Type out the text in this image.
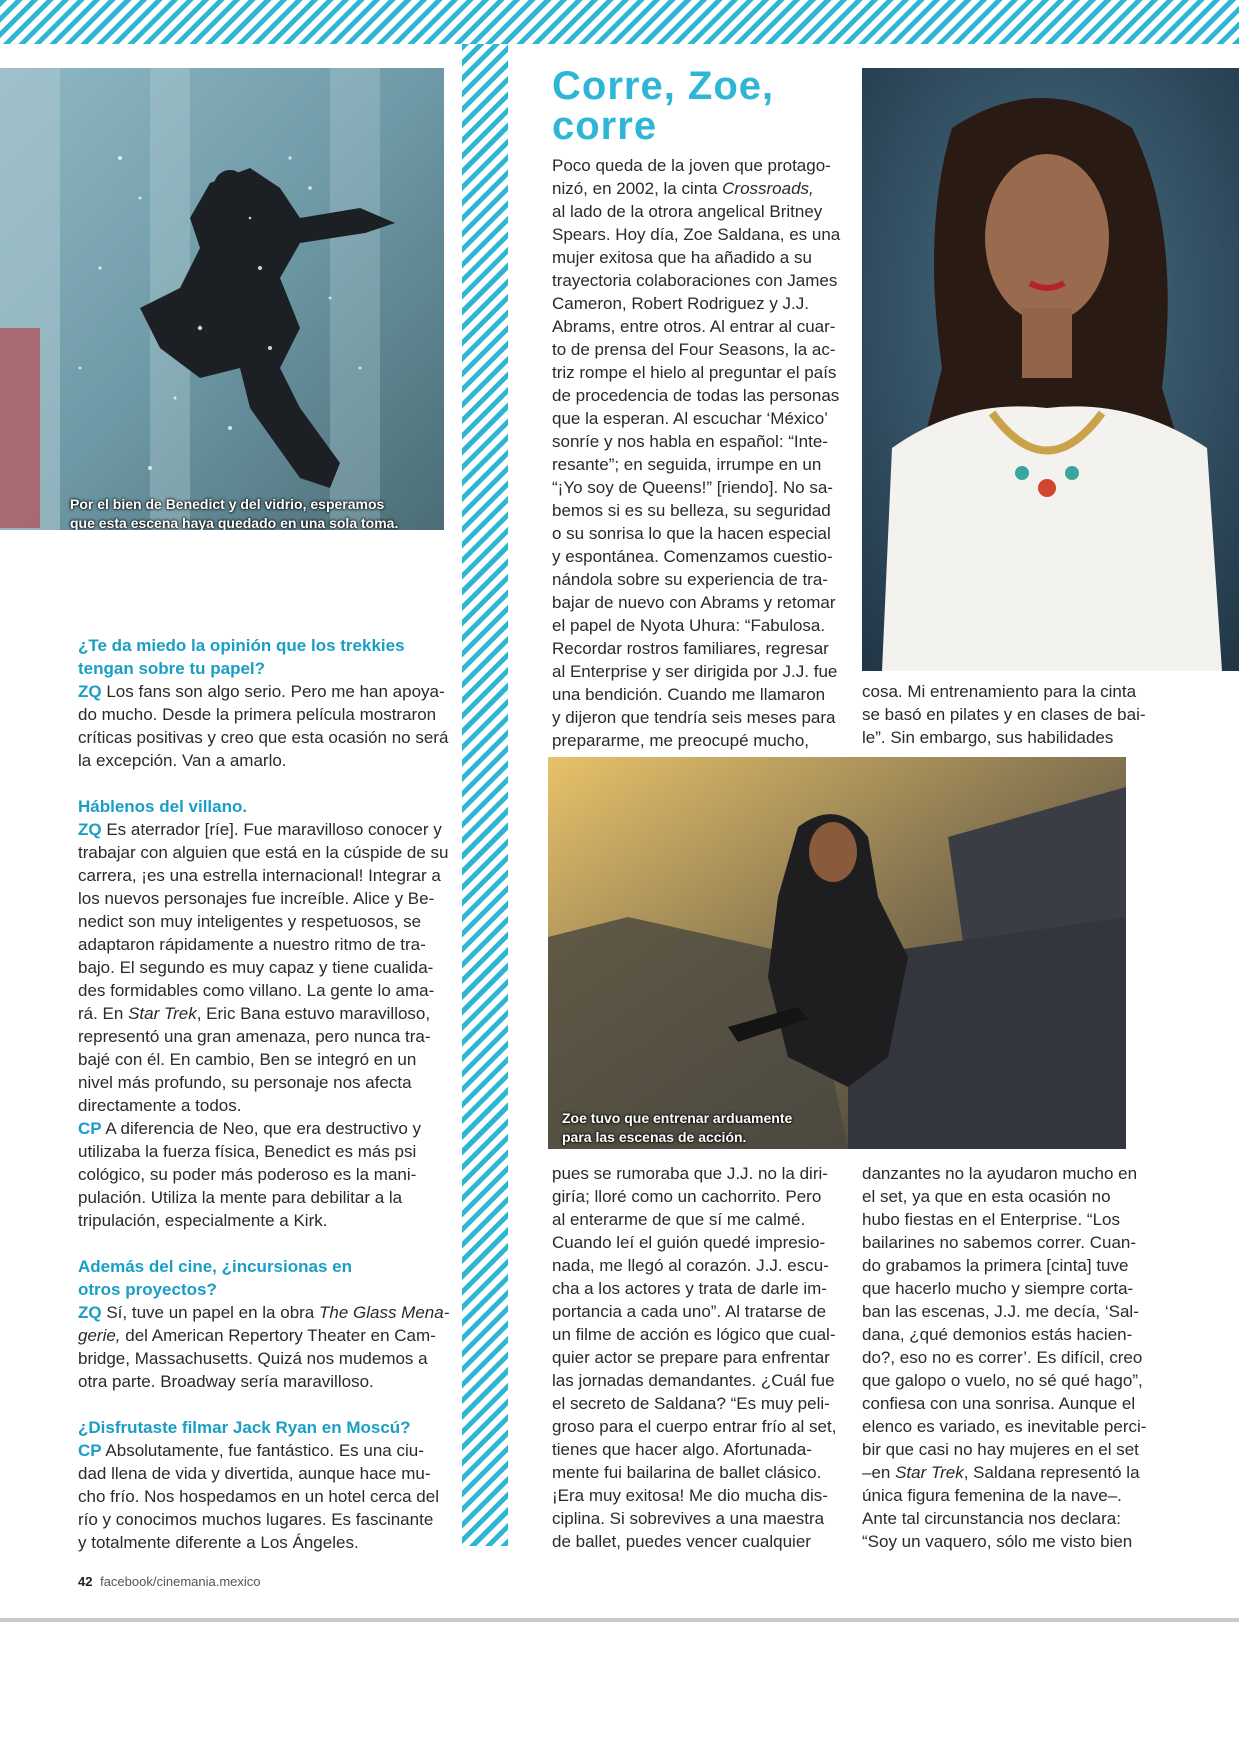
Por el bien de Benedict y del vidrio, esperamos
que esta escena haya quedado en una sola toma.
Zoe tuvo que entrenar arduamente
para las escenas de acción.
Corre, Zoe,
corre

¿Te da miedo la opinión que los trekkies

tengan sobre tu papel?

ZQ Los fans son algo serio. Pero me han apoya-

do mucho. Desde la primera película mostraron

críticas positivas y creo que esta ocasión no será

la excepción. Van a amarlo.

Háblenos del villano.

ZQ Es aterrador [ríe]. Fue maravilloso conocer y

trabajar con alguien que está en la cúspide de su

carrera, ¡es una estrella internacional! Integrar a

los nuevos personajes fue increíble. Alice y Be-

nedict son muy inteligentes y respetuosos, se

adaptaron rápidamente a nuestro ritmo de tra-

bajo. El segundo es muy capaz y tiene cualida-

des formidables como villano. La gente lo ama-

rá. En Star Trek, Eric Bana estuvo maravilloso,

representó una gran amenaza, pero nunca tra-

bajé con él. En cambio, Ben se integró en un

nivel más profundo, su personaje nos afecta

directamente a todos.

CP A diferencia de Neo, que era destructivo y

utilizaba la fuerza física, Benedict es más psi

cológico, su poder más poderoso es la mani-

pulación. Utiliza la mente para debilitar a la

tripulación, especialmente a Kirk.

Además del cine, ¿incursionas en

otros proyectos?

ZQ Sí, tuve un papel en la obra The Glass Mena-

gerie, del American Repertory Theater en Cam-

bridge, Massachusetts. Quizá nos mudemos a

otra parte. Broadway sería maravilloso.

¿Disfrutaste filmar Jack Ryan en Moscú?

CP Absolutamente, fue fantástico. Es una ciu-

dad llena de vida y divertida, aunque hace mu-

cho frío. Nos hospedamos en un hotel cerca del

río y conocimos muchos lugares. Es fascinante

y totalmente diferente a Los Ángeles.

Poco queda de la joven que protago-

nizó, en 2002, la cinta Crossroads,

al lado de la otrora angelical Britney

Spears. Hoy día, Zoe Saldana, es una

mujer exitosa que ha añadido a su

trayectoria colaboraciones con James

Cameron, Robert Rodriguez y J.J.

Abrams, entre otros. Al entrar al cuar-

to de prensa del Four Seasons, la ac-

triz rompe el hielo al preguntar el país

de procedencia de todas las personas

que la esperan. Al escuchar ‘México’

sonríe y nos habla en español: “Inte-

resante”; en seguida, irrumpe en un

“¡Yo soy de Queens!” [riendo]. No sa-

bemos si es su belleza, su seguridad

o su sonrisa lo que la hacen especial

y espontánea. Comenzamos cuestio-

nándola sobre su experiencia de tra-

bajar de nuevo con Abrams y retomar

el papel de Nyota Uhura: “Fabulosa.

Recordar rostros familiares, regresar

al Enterprise y ser dirigida por J.J. fue

una bendición. Cuando me llamaron

y dijeron que tendría seis meses para

prepararme, me preocupé mucho,

cosa. Mi entrenamiento para la cinta

se basó en pilates y en clases de bai-

le”. Sin embargo, sus habilidades

pues se rumoraba que J.J. no la diri-

giría; lloré como un cachorrito. Pero

al enterarme de que sí me calmé.

Cuando leí el guión quedé impresio-

nada, me llegó al corazón. J.J. escu-

cha a los actores y trata de darle im-

portancia a cada uno”. Al tratarse de

un filme de acción es lógico que cual-

quier actor se prepare para enfrentar

las jornadas demandantes. ¿Cuál fue

el secreto de Saldana? “Es muy peli-

groso para el cuerpo entrar frío al set,

tienes que hacer algo. Afortunada-

mente fui bailarina de ballet clásico.

¡Era muy exitosa! Me dio mucha dis-

ciplina. Si sobrevives a una maestra

de ballet, puedes vencer cualquier

danzantes no la ayudaron mucho en

el set, ya que en esta ocasión no

hubo fiestas en el Enterprise. “Los

bailarines no sabemos correr. Cuan-

do grabamos la primera [cinta] tuve

que hacerlo mucho y siempre corta-

ban las escenas, J.J. me decía, ‘Sal-

dana, ¿qué demonios estás hacien-

do?, eso no es correr’. Es difícil, creo

que galopo o vuelo, no sé qué hago”,

confiesa con una sonrisa. Aunque el

elenco es variado, es inevitable perci-

bir que casi no hay mujeres en el set

–en Star Trek, Saldana representó la

única figura femenina de la nave–.

Ante tal circunstancia nos declara:

“Soy un vaquero, sólo me visto bien

42 facebook/cinemania.mexico
